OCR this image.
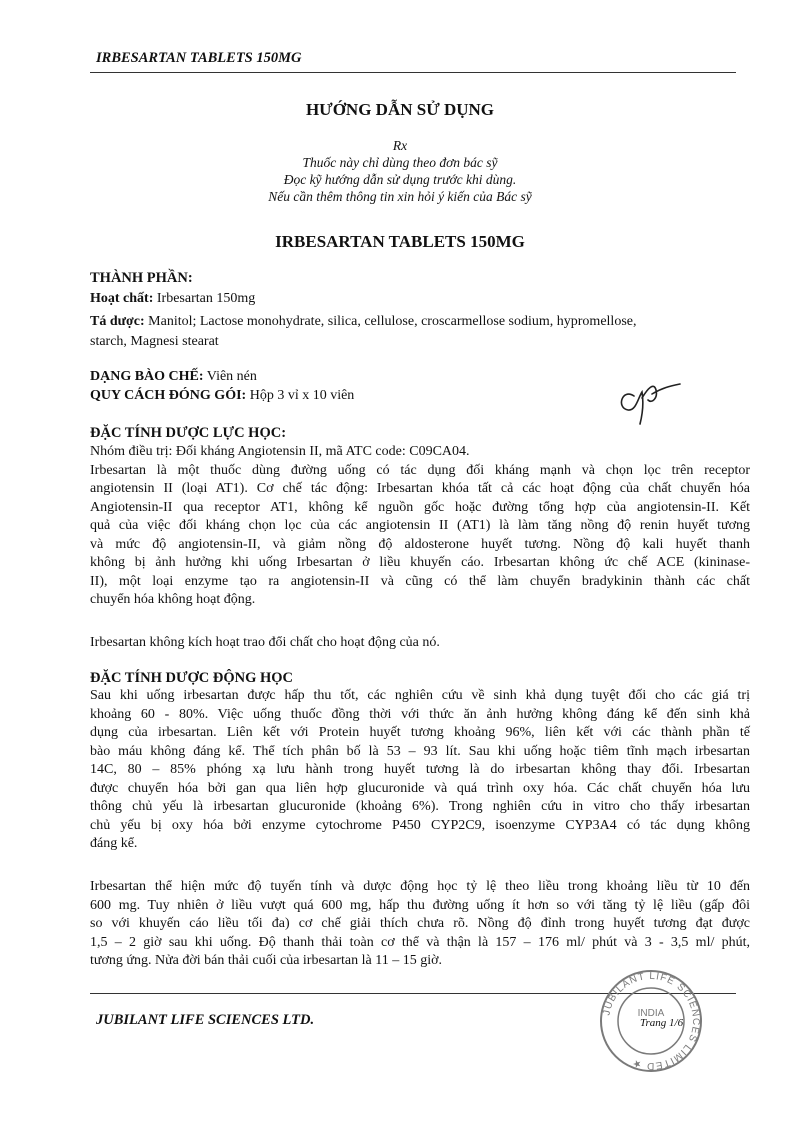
IRBESARTAN TABLETS 150MG
HƯỚNG DẪN SỬ DỤNG
Rx
Thuốc này chỉ dùng theo đơn bác sỹ
Đọc kỹ hướng dẫn sử dụng trước khi dùng.
Nếu cần thêm thông tin xin hỏi ý kiến của Bác sỹ
IRBESARTAN TABLETS 150MG
THÀNH PHẦN:
Hoạt chất: Irbesartan 150mg
Tá dược: Manitol; Lactose monohydrate, silica, cellulose, croscarmellose sodium, hypromellose,
starch, Magnesi stearat
DẠNG BÀO CHẾ: Viên nén
QUY CÁCH ĐÓNG GÓI: Hộp 3 vỉ x 10 viên
ĐẶC TÍNH DƯỢC LỰC HỌC:
Nhóm điều trị: Đối kháng Angiotensin II, mã ATC code: C09CA04.
Irbesartan là một thuốc dùng đường uống có tác dụng đối kháng mạnh và chọn lọc trên receptor
angiotensin II (loại AT1). Cơ chế tác động: Irbesartan khóa tất cả các hoạt động của chất chuyển hóa
Angiotensin-II qua receptor AT1, không kể nguồn gốc hoặc đường tổng hợp của angiotensin-II. Kết
quả của việc đối kháng chọn lọc của các angiotensin II (AT1) là làm tăng nồng độ renin huyết tương
và mức độ angiotensin-II, và giảm nồng độ aldosterone huyết tương. Nồng độ kali huyết thanh
không bị ảnh hưởng khi uống Irbesartan ở liều khuyến cáo. Irbesartan không ức chế ACE (kininase-
II), một loại enzyme tạo ra angiotensin-II và cũng có thể làm chuyển bradykinin thành các chất
chuyển hóa không hoạt động.
Irbesartan không kích hoạt trao đổi chất cho hoạt động của nó.
ĐẶC TÍNH DƯỢC ĐỘNG HỌC
Sau khi uống irbesartan được hấp thu tốt, các nghiên cứu về sinh khả dụng tuyệt đối cho các giá trị
khoảng 60 - 80%. Việc uống thuốc đồng thời với thức ăn ảnh hưởng không đáng kể đến sinh khả
dụng của irbesartan. Liên kết với Protein huyết tương khoảng 96%, liên kết với các thành phần tế
bào máu không đáng kể. Thể tích phân bố là 53 – 93 lít. Sau khi uống hoặc tiêm tĩnh mạch irbesartan
14C, 80 – 85% phóng xạ lưu hành trong huyết tương là do irbesartan không thay đổi. Irbesartan
được chuyển hóa bởi gan qua liên hợp glucuronide và quá trình oxy hóa. Các chất chuyển hóa lưu
thông chủ yếu là irbesartan glucuronide (khoảng 6%). Trong nghiên cứu in vitro cho thấy irbesartan
chủ yếu bị oxy hóa bởi enzyme cytochrome P450 CYP2C9, isoenzyme CYP3A4 có tác dụng không
đáng kể.
Irbesartan thể hiện mức độ tuyến tính và dược động học tỷ lệ theo liều trong khoảng liều từ 10 đến
600 mg. Tuy nhiên ở liều vượt quá 600 mg, hấp thu đường uống ít hơn so với tăng tỷ lệ liều (gấp đôi
so với khuyến cáo liều tối đa) cơ chế giải thích chưa rõ. Nồng độ đỉnh trong huyết tương đạt được
1,5 – 2 giờ sau khi uống. Độ thanh thải toàn cơ thể và thận là 157 – 176 ml/ phút và 3 - 3,5 ml/ phút,
tương ứng. Nửa đời bán thải cuối của irbesartan là 11 – 15 giờ.
JUBILANT LIFE SCIENCES LTD.	JUBILANT LIFE SCIENCES LIMITED ★
INDIA
Trang 1/6
